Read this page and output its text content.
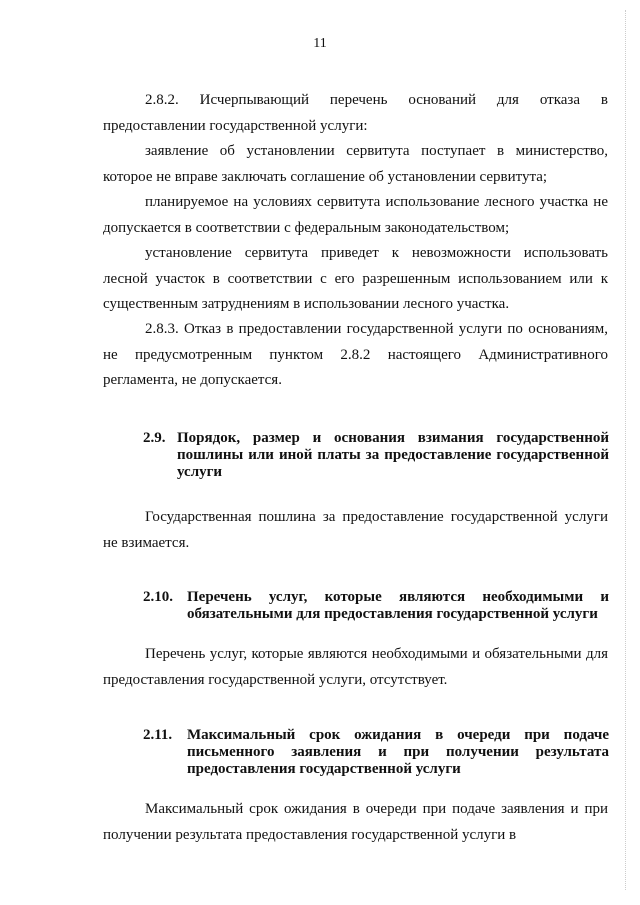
11
2.8.2. Исчерпывающий перечень оснований для отказа в предоставлении государственной услуги:
заявление об установлении сервитута поступает в министерство, которое не вправе заключать соглашение об установлении сервитута;
планируемое на условиях сервитута использование лесного участка не допускается в соответствии с федеральным законодательством;
установление сервитута приведет к невозможности использовать лесной участок в соответствии с его разрешенным использованием или к существенным затруднениям в использовании лесного участка.
2.8.3. Отказ в предоставлении государственной услуги по основаниям, не предусмотренным пунктом 2.8.2 настоящего Административного регламента, не допускается.
2.9. Порядок, размер и основания взимания государственной пошлины или иной платы за предоставление государственной услуги
Государственная пошлина за предоставление государственной услуги не взимается.
2.10. Перечень услуг, которые являются необходимыми и обязательными для предоставления государственной услуги
Перечень услуг, которые являются необходимыми и обязательными для предоставления государственной услуги, отсутствует.
2.11. Максимальный срок ожидания в очереди при подаче письменного заявления и при получении результата предоставления государственной услуги
Максимальный срок ожидания в очереди при подаче заявления и при получении результата предоставления государственной услуги в
